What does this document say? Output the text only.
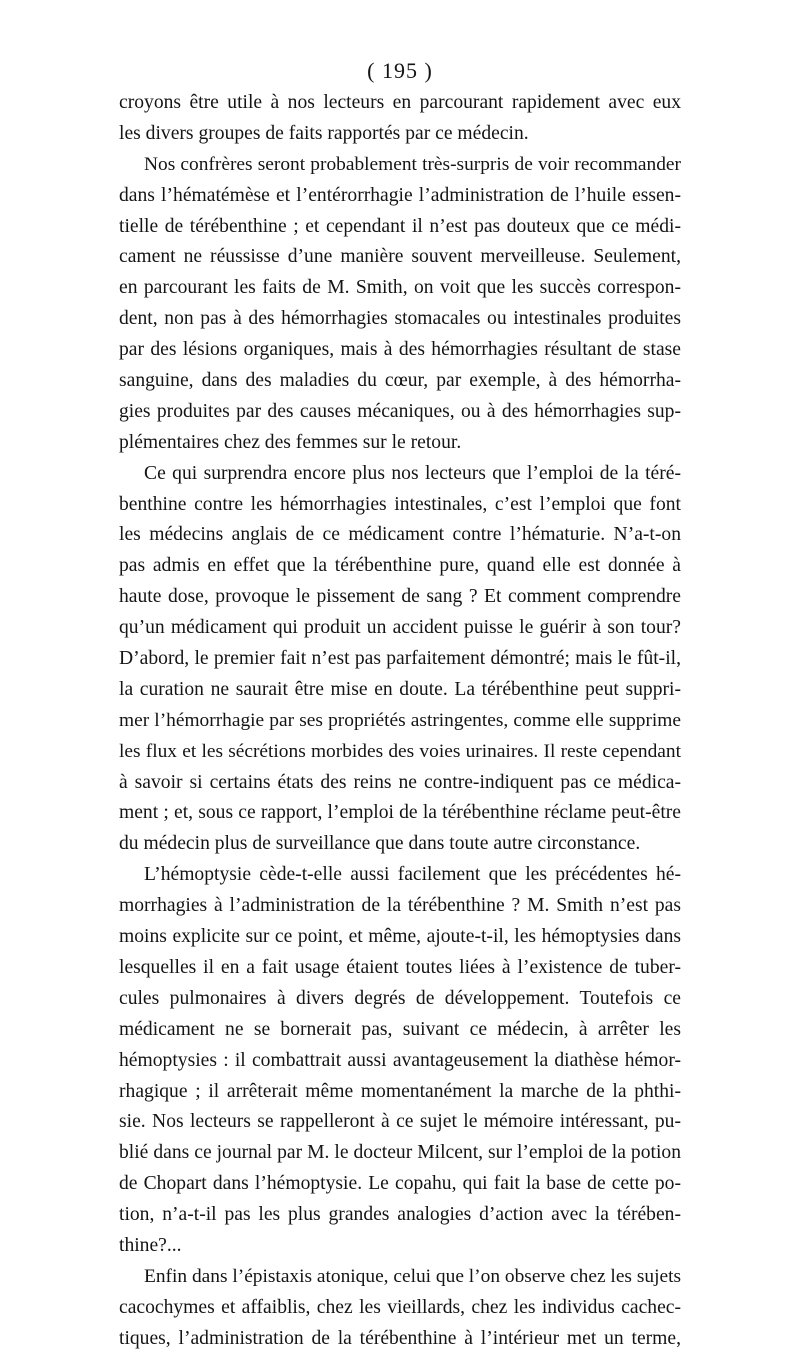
( 195 )

croyons être utile à nos lecteurs en parcourant rapidement avec eux
les divers groupes de faits rapportés par ce médecin.
Nos confrères seront probablement très-surpris de voir recommander
dans l’hématémèse et l’entérorrhagie l’administration de l’huile essen-
tielle de térébenthine ; et cependant il n’est pas douteux que ce médi-
cament ne réussisse d’une manière souvent merveilleuse. Seulement,
en parcourant les faits de M. Smith, on voit que les succès correspon-
dent, non pas à des hémorrhagies stomacales ou intestinales produites
par des lésions organiques, mais à des hémorrhagies résultant de stase
sanguine, dans des maladies du cœur, par exemple, à des hémorrha-
gies produites par des causes mécaniques, ou à des hémorrhagies sup-
plémentaires chez des femmes sur le retour.
Ce qui surprendra encore plus nos lecteurs que l’emploi de la téré-
benthine contre les hémorrhagies intestinales, c’est l’emploi que font
les médecins anglais de ce médicament contre l’hématurie. N’a-t-on
pas admis en effet que la térébenthine pure, quand elle est donnée à
haute dose, provoque le pissement de sang ? Et comment comprendre
qu’un médicament qui produit un accident puisse le guérir à son tour?
D’abord, le premier fait n’est pas parfaitement démontré; mais le fût-il,
la curation ne saurait être mise en doute. La térébenthine peut suppri-
mer l’hémorrhagie par ses propriétés astringentes, comme elle supprime
les flux et les sécrétions morbides des voies urinaires. Il reste cependant
à savoir si certains états des reins ne contre-indiquent pas ce médica-
ment ; et, sous ce rapport, l’emploi de la térébenthine réclame peut-être
du médecin plus de surveillance que dans toute autre circonstance.
L’hémoptysie cède-t-elle aussi facilement que les précédentes hé-
morrhagies à l’administration de la térébenthine ? M. Smith n’est pas
moins explicite sur ce point, et même, ajoute-t-il, les hémoptysies dans
lesquelles il en a fait usage étaient toutes liées à l’existence de tuber-
cules pulmonaires à divers degrés de développement. Toutefois ce
médicament ne se bornerait pas, suivant ce médecin, à arrêter les
hémoptysies : il combattrait aussi avantageusement la diathèse hémor-
rhagique ; il arrêterait même momentanément la marche de la phthi-
sie. Nos lecteurs se rappelleront à ce sujet le mémoire intéressant, pu-
blié dans ce journal par M. le docteur Milcent, sur l’emploi de la potion
de Chopart dans l’hémoptysie. Le copahu, qui fait la base de cette po-
tion, n’a-t-il pas les plus grandes analogies d’action avec la térében-
thine?...
Enfin dans l’épistaxis atonique, celui que l’on observe chez les sujets
cacochymes et affaiblis, chez les vieillards, chez les individus cachec-
tiques, l’administration de la térébenthine à l’intérieur met un terme,
